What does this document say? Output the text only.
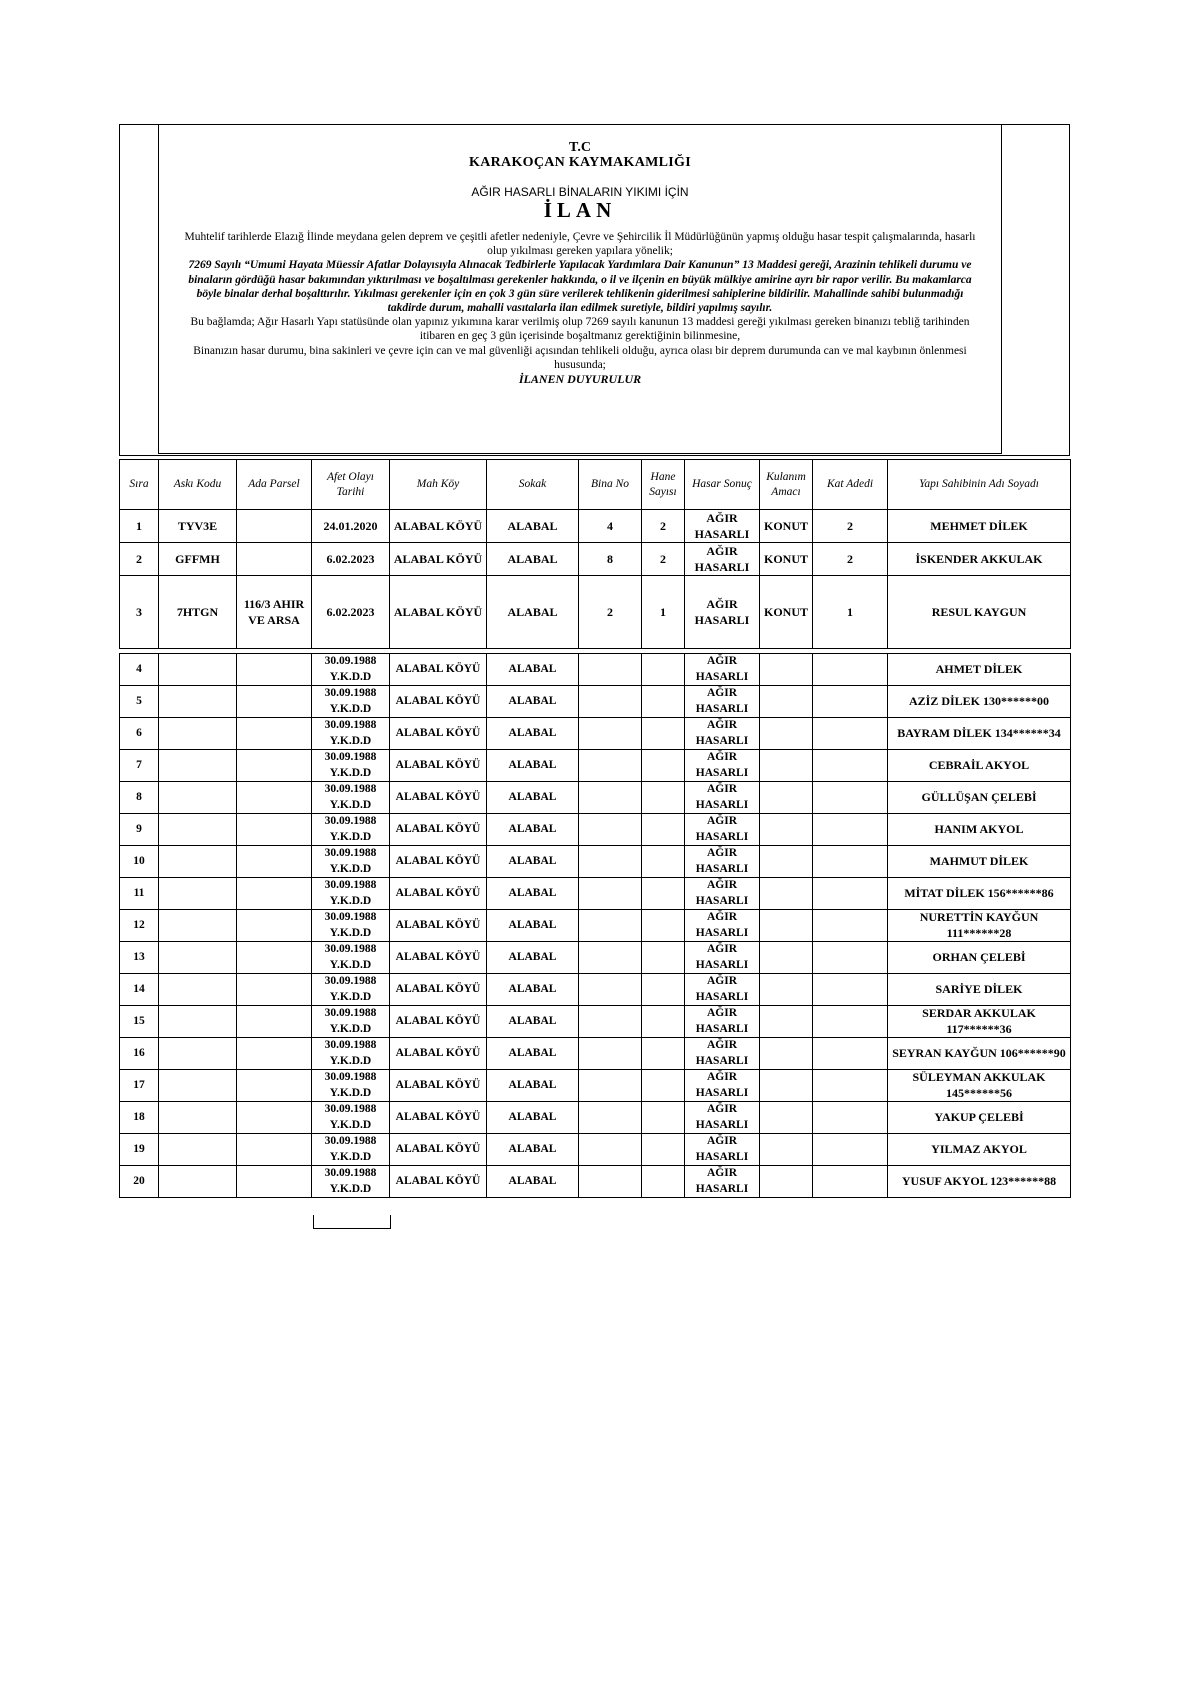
T.C
KARAKOÇAN KAYMAKAMLIĞI
AĞIR HASARLI BİNALARIN YIKIMI İÇİN
İLAN
Muhtelif tarihlerde Elazığ İlinde meydana gelen deprem ve çeşitli afetler nedeniyle, Çevre ve Şehircilik İl Müdürlüğünün yapmış olduğu hasar tespit çalışmalarında, hasarlı olup yıkılması gereken yapılara yönelik;
7269 Sayılı “Umumi Hayata Müessir Afatlar Dolayısıyla Alınacak Tedbirlerle Yapılacak Yardımlara Dair Kanunun” 13 Maddesi gereği, Arazinin tehlikeli durumu ve binaların gördüğü hasar bakımından yıktırılması ve boşaltılması gerekenler hakkında, o il ve ilçenin en büyük mülkiye amirine ayrı bir rapor verilir. Bu makamlarca böyle binalar derhal boşalttırılır. Yıkılması gerekenler için en çok 3 gün süre verilerek tehlikenin giderilmesi sahiplerine bildirilir. Mahallinde sahibi bulunmadığı takdirde durum, mahalli vasıtalarla ilan edilmek suretiyle, bildiri yapılmış sayılır.
Bu bağlamda; Ağır Hasarlı Yapı statüsünde olan yapınız yıkımına karar verilmiş olup 7269 sayılı kanunun 13 maddesi gereği yıkılması gereken binanızı tebliğ tarihinden itibaren en geç 3 gün içerisinde boşaltmanız gerektiğinin bilinmesine,
Binanızın hasar durumu, bina sakinleri ve çevre için can ve mal güvenliği açısından tehlikeli olduğu, ayrıca olası bir deprem durumunda can ve mal kaybının önlenmesi hususunda;
İLANEN DUYURULUR
Sıra	Askı Kodu	Ada Parsel	Afet Olayı Tarihi	Mah Köy	Sokak	Bina No	Hane Sayısı	Hasar Sonuç	Kulanım Amacı	Kat Adedi	Yapı Sahibinin Adı Soyadı
1	TYV3E		24.01.2020	ALABAL KÖYÜ	ALABAL	4	2	AĞIR HASARLI	KONUT	2	MEHMET DİLEK
2	GFFMH		6.02.2023	ALABAL KÖYÜ	ALABAL	8	2	AĞIR HASARLI	KONUT	2	İSKENDER AKKULAK
3	7HTGN	116/3 AHIR VE ARSA	6.02.2023	ALABAL KÖYÜ	ALABAL	2	1	AĞIR HASARLI	KONUT	1	RESUL KAYGUN

4			30.09.1988 Y.K.D.D	ALABAL KÖYÜ	ALABAL			AĞIR HASARLI			AHMET DİLEK
5			30.09.1988 Y.K.D.D	ALABAL KÖYÜ	ALABAL			AĞIR HASARLI			AZİZ DİLEK 130******00
6			30.09.1988 Y.K.D.D	ALABAL KÖYÜ	ALABAL			AĞIR HASARLI			BAYRAM DİLEK 134******34
7			30.09.1988 Y.K.D.D	ALABAL KÖYÜ	ALABAL			AĞIR HASARLI			CEBRAİL AKYOL
8			30.09.1988 Y.K.D.D	ALABAL KÖYÜ	ALABAL			AĞIR HASARLI			GÜLLÜŞAN ÇELEBİ
9			30.09.1988 Y.K.D.D	ALABAL KÖYÜ	ALABAL			AĞIR HASARLI			HANIM AKYOL
10			30.09.1988 Y.K.D.D	ALABAL KÖYÜ	ALABAL			AĞIR HASARLI			MAHMUT DİLEK
11			30.09.1988 Y.K.D.D	ALABAL KÖYÜ	ALABAL			AĞIR HASARLI			MİTAT DİLEK 156******86
12			30.09.1988 Y.K.D.D	ALABAL KÖYÜ	ALABAL			AĞIR HASARLI			NURETTİN KAYĞUN 111******28
13			30.09.1988 Y.K.D.D	ALABAL KÖYÜ	ALABAL			AĞIR HASARLI			ORHAN ÇELEBİ
14			30.09.1988 Y.K.D.D	ALABAL KÖYÜ	ALABAL			AĞIR HASARLI			SARİYE DİLEK
15			30.09.1988 Y.K.D.D	ALABAL KÖYÜ	ALABAL			AĞIR HASARLI			SERDAR AKKULAK 117******36
16			30.09.1988 Y.K.D.D	ALABAL KÖYÜ	ALABAL			AĞIR HASARLI			SEYRAN KAYĞUN 106******90
17			30.09.1988 Y.K.D.D	ALABAL KÖYÜ	ALABAL			AĞIR HASARLI			SÜLEYMAN AKKULAK 145******56
18			30.09.1988 Y.K.D.D	ALABAL KÖYÜ	ALABAL			AĞIR HASARLI			YAKUP ÇELEBİ
19			30.09.1988 Y.K.D.D	ALABAL KÖYÜ	ALABAL			AĞIR HASARLI			YILMAZ AKYOL
20			30.09.1988 Y.K.D.D	ALABAL KÖYÜ	ALABAL			AĞIR HASARLI			YUSUF AKYOL 123******88
